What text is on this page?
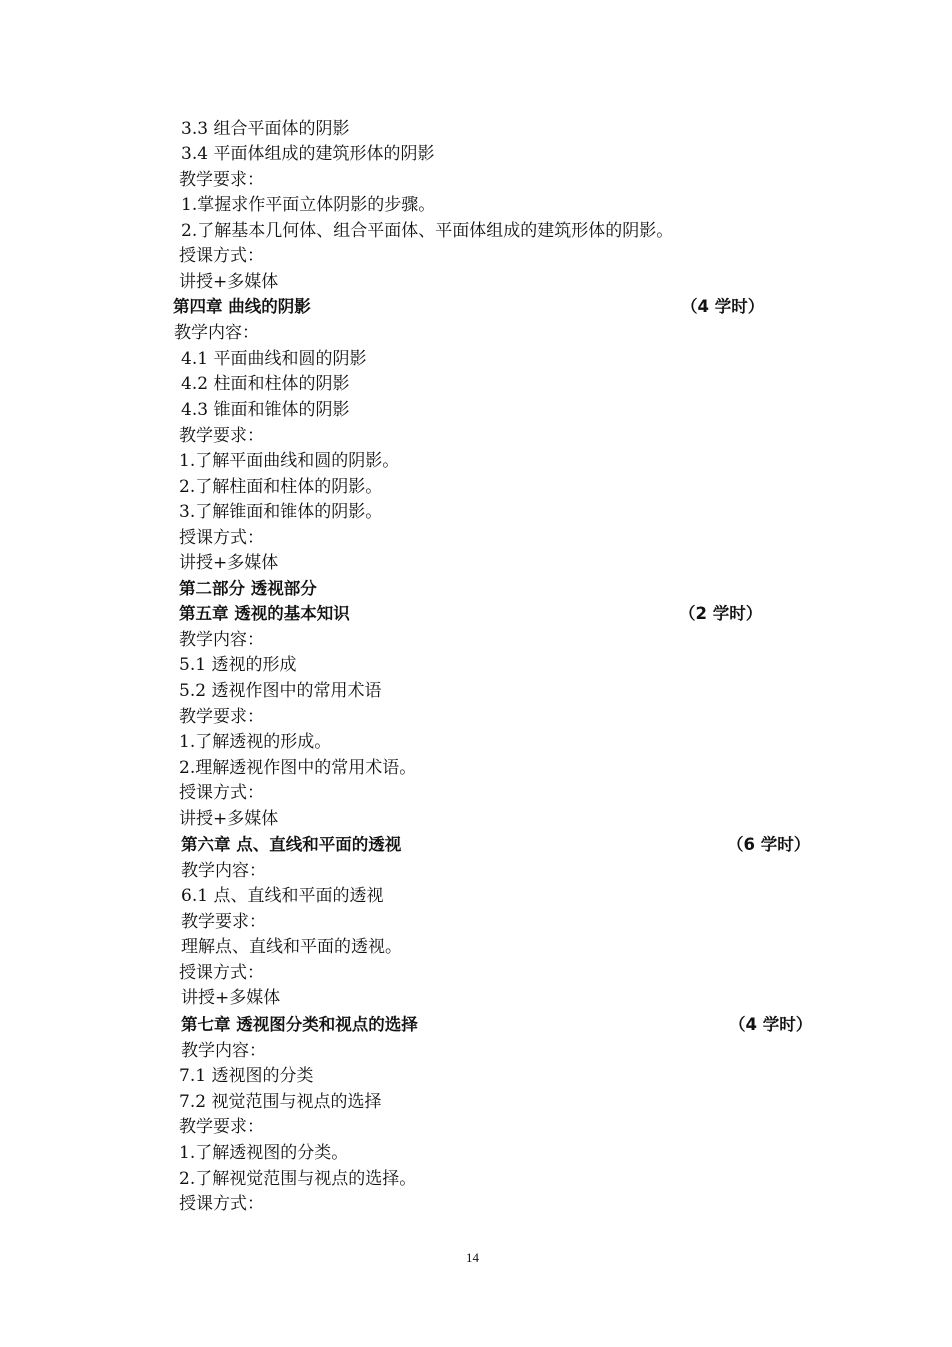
3.3 组合平面体的阴影
3.4 平面体组成的建筑形体的阴影
教学要求：
1.掌握求作平面立体阴影的步骤。
2.了解基本几何体、组合平面体、平面体组成的建筑形体的阴影。
授课方式：
讲授+多媒体
第四章 曲线的阴影	（4 学时）
教学内容：
4.1 平面曲线和圆的阴影
4.2 柱面和柱体的阴影
4.3 锥面和锥体的阴影
教学要求：
1.了解平面曲线和圆的阴影。
2.了解柱面和柱体的阴影。
3.了解锥面和锥体的阴影。
授课方式：
讲授+多媒体
第二部分 透视部分
第五章 透视的基本知识	（2 学时）
教学内容：
5.1 透视的形成
5.2 透视作图中的常用术语
教学要求：
1.了解透视的形成。
2.理解透视作图中的常用术语。
授课方式：
讲授+多媒体
第六章 点、直线和平面的透视	（6 学时）
教学内容：
6.1 点、直线和平面的透视
教学要求：
理解点、直线和平面的透视。
授课方式：
讲授+多媒体
第七章 透视图分类和视点的选择	（4 学时）
教学内容：
7.1 透视图的分类
7.2 视觉范围与视点的选择
教学要求：
1.了解透视图的分类。
2.了解视觉范围与视点的选择。
授课方式：
14
